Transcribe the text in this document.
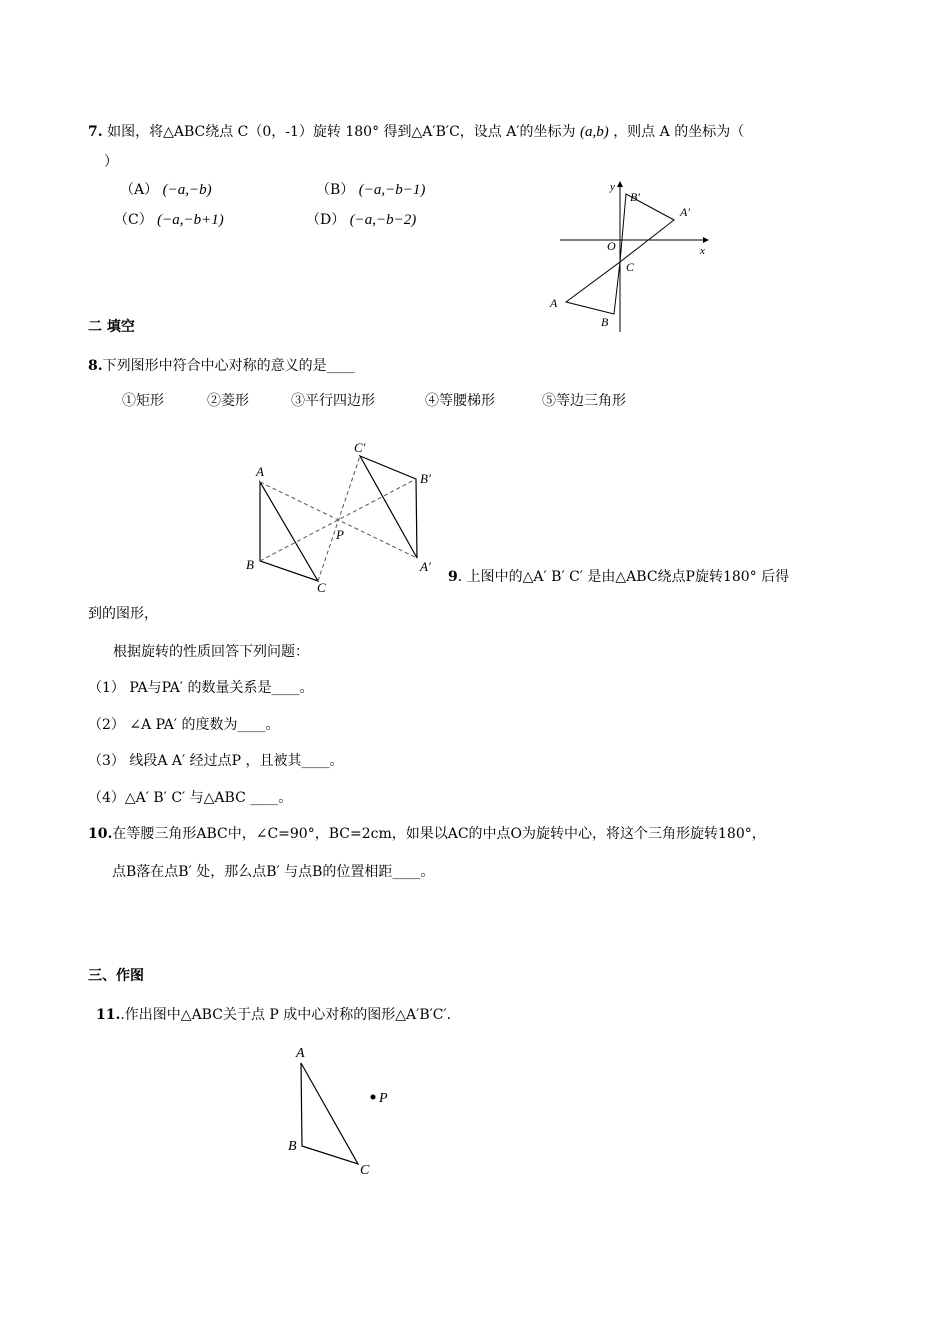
7. 如图，将△ABC绕点 C（0，-1）旋转 180° 得到△A′B′C，设点 A′的坐标为 (a,b) ，则点 A 的坐标为（
）
（A） (−a,−b)	（B） (−a,−b−1)
（C） (−a,−b+1)	（D） (−a,−b−2)
y
x
O
C
A
B
A′
B′
二 填空
8.下列图形中符合中心对称的意义的是____
①矩形	②菱形	③平行四边形	④等腰梯形	⑤等边三角形
A
B
C
P
A′
B′
C′
9. 上图中的△A′ B′ C′ 是由△ABC绕点P旋转180° 后得
到的图形，
根据旋转的性质回答下列问题：
（1） PA与PA′ 的数量关系是____。
（2） ∠A PA′ 的度数为____。
（3） 线段A A′ 经过点P ，且被其____。
（4）△A′ B′ C′ 与△ABC ____。
10.在等腰三角形ABC中，∠C=90°，BC=2cm，如果以AC的中点O为旋转中心，将这个三角形旋转180°，
点B落在点B′ 处，那么点B′ 与点B的位置相距____。
三、作图
11..作出图中△ABC关于点 P 成中心对称的图形△A′B′C′.
A
B
C
P
